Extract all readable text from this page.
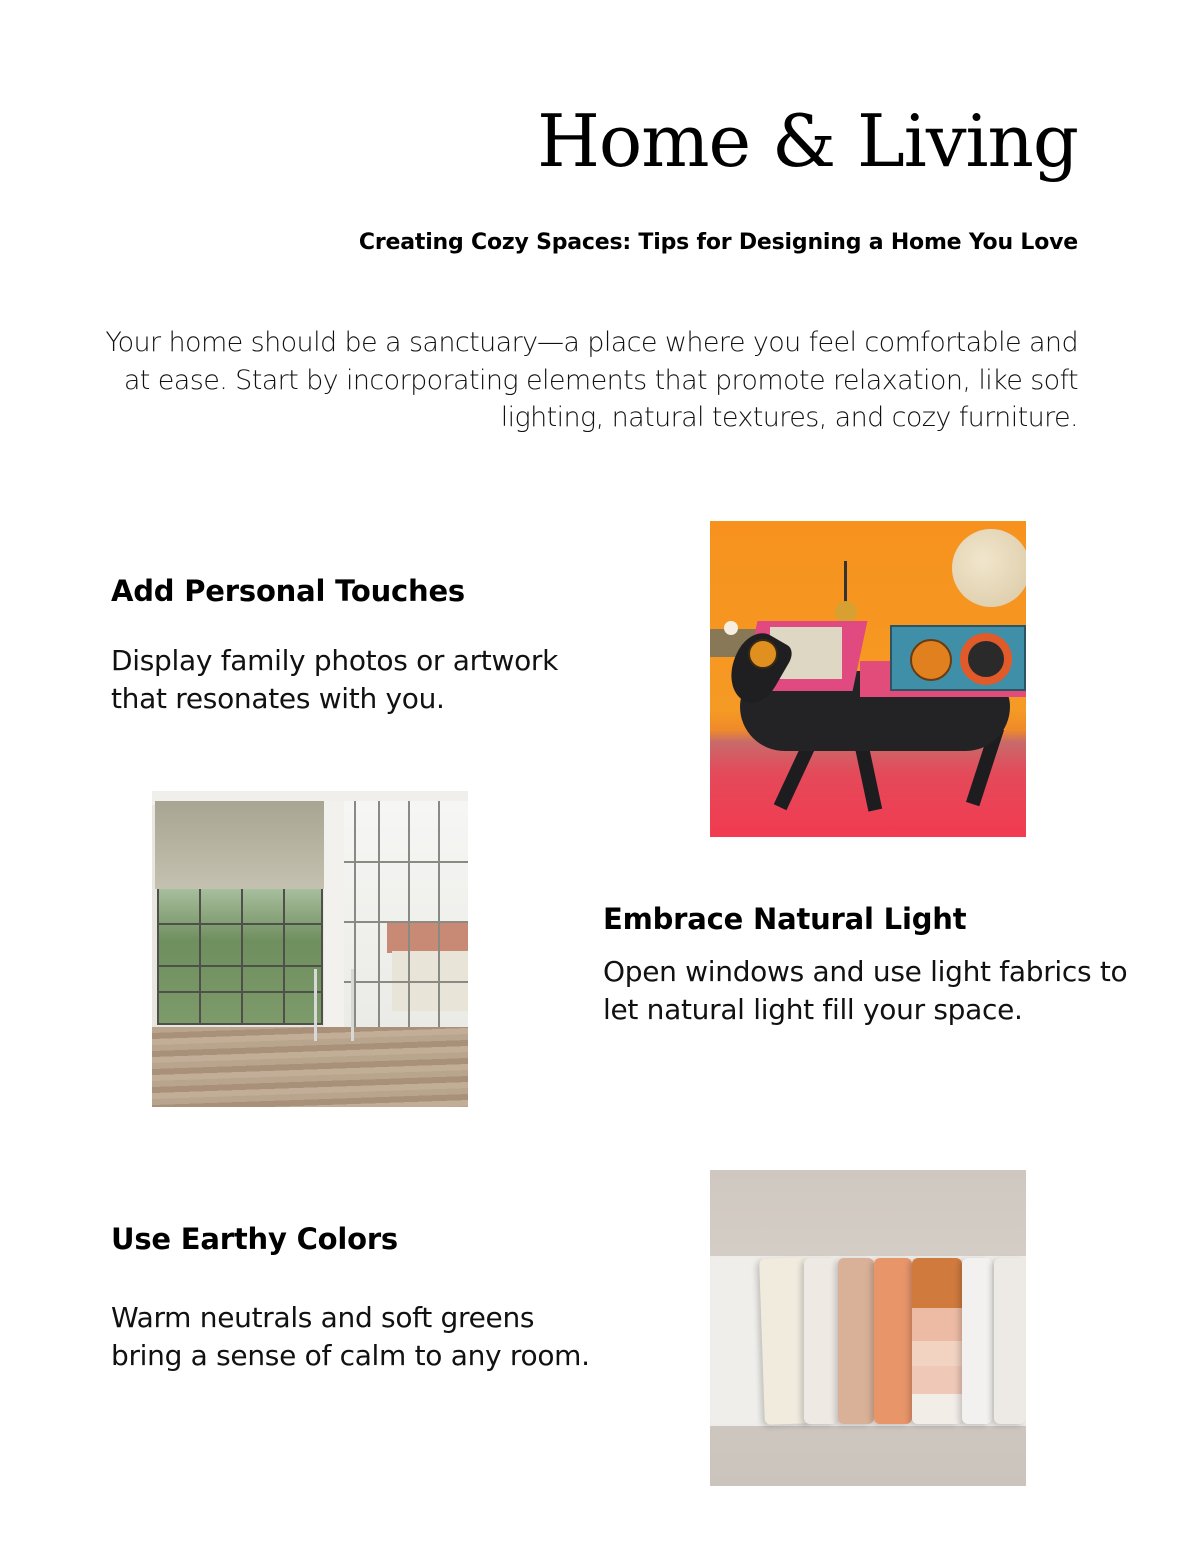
Home & Living
Creating Cozy Spaces: Tips for Designing a Home You Love

Your home should be a sanctuary—a place where you feel comfortable and at ease. Start by incorporating elements that promote relaxation, like soft lighting, natural textures, and cozy furniture.

Add Personal Touches

Display family photos or artwork that resonates with you.

Embrace Natural Light

Open windows and use light fabrics to let natural light fill your space.

Use Earthy Colors

Warm neutrals and soft greens bring a sense of calm to any room.
